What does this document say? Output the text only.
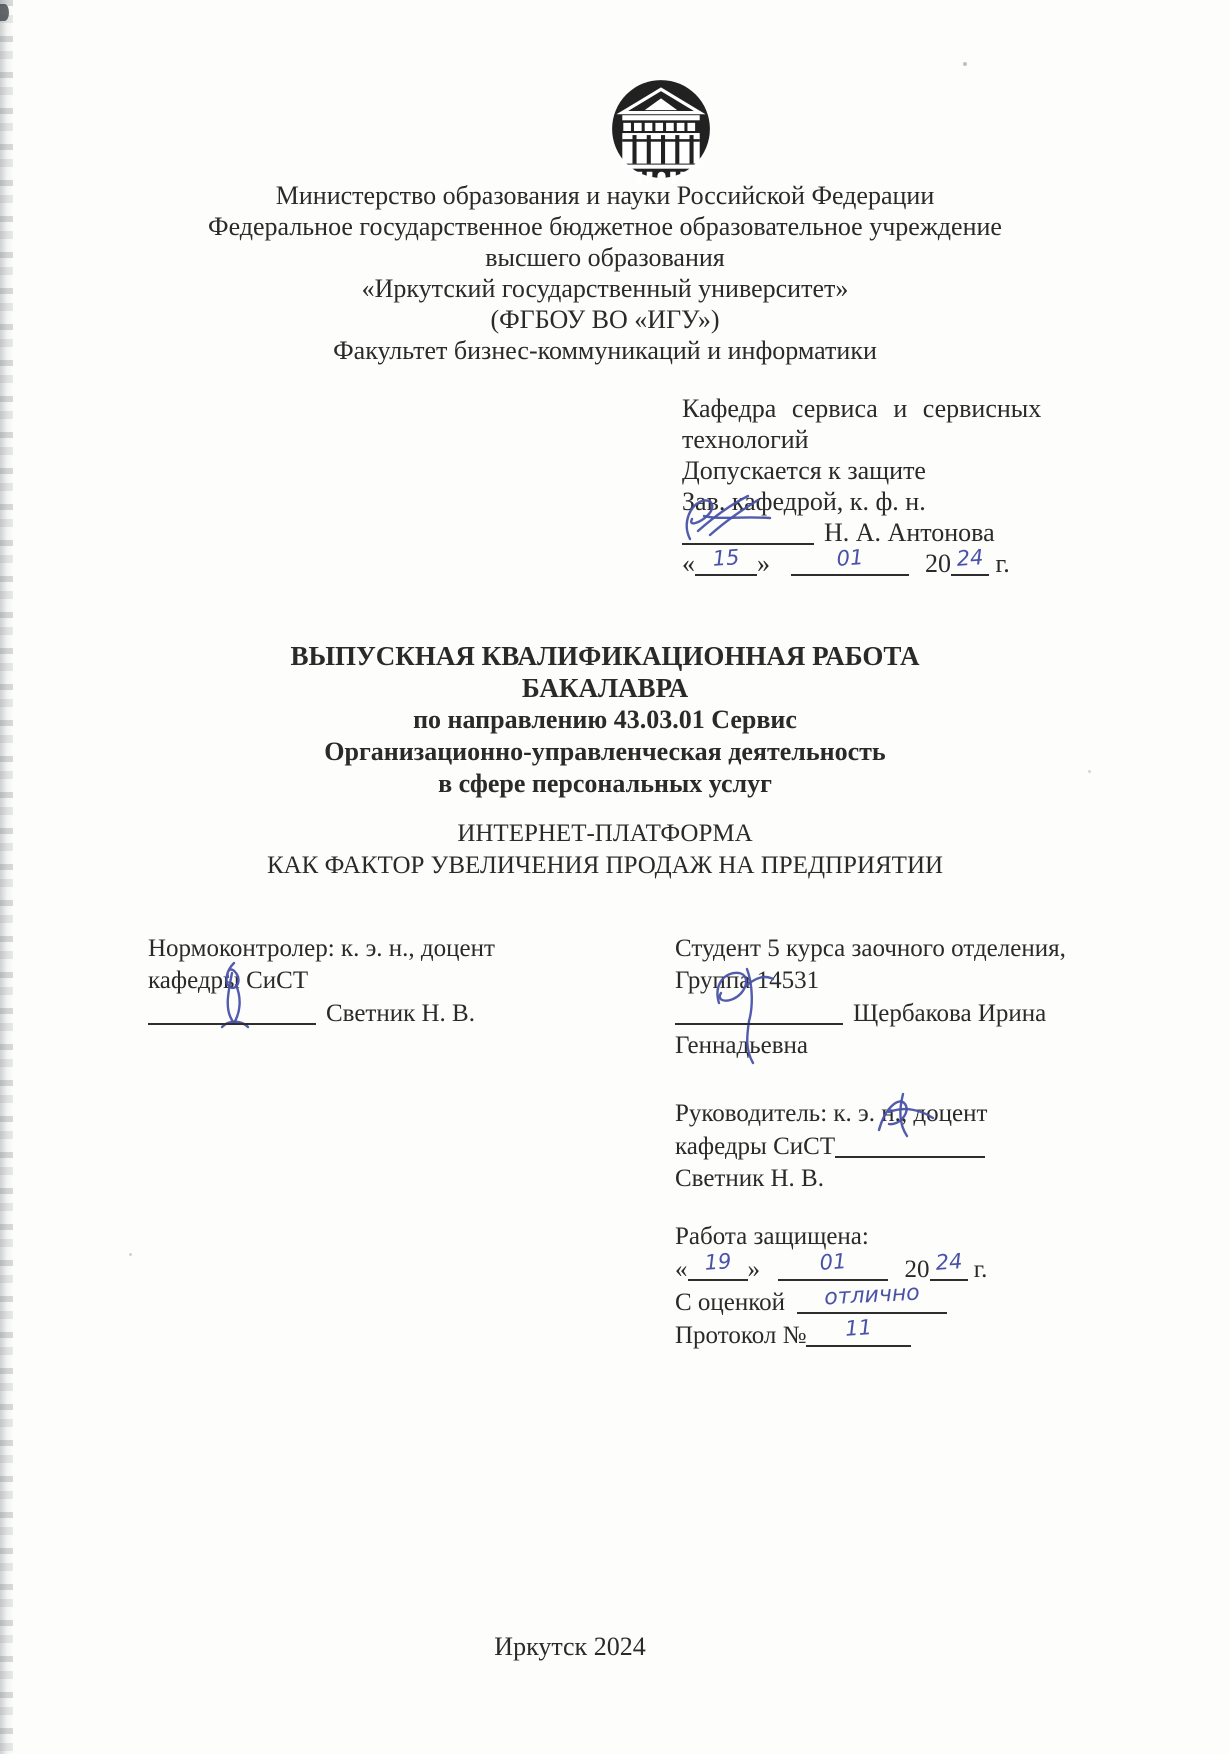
Министерство образования и науки Российской Федерации
Федеральное государственное бюджетное образовательное учреждение
высшего образования
«Иркутский государственный университет»
(ФГБОУ ВО «ИГУ»)
Факультет бизнес-коммуникаций и информатики
Кафедра сервиса и сервисных
технологий
Допускается к защите
Зав. кафедрой, к. ф. н.
Н. А. Антонова
« 15 »	01	20 24 г.
ВЫПУСКНАЯ КВАЛИФИКАЦИОННАЯ РАБОТА
БАКАЛАВРА
по направлению 43.03.01 Сервис
Организационно-управленческая деятельность
в сфере персональных услуг
ИНТЕРНЕТ-ПЛАТФОРМА
КАК ФАКТОР УВЕЛИЧЕНИЯ ПРОДАЖ НА ПРЕДПРИЯТИИ
Нормоконтролер: к. э. н., доцент
кафедры СиСТ
Светник Н. В.
Студент 5 курса заочного отделения,
Группа 14531
Щербакова Ирина
Геннадьевна
Руководитель: к. э. н., доцент
кафедры СиСТ
Светник Н. В.
Работа защищена:
« 19 »	01	20 24 г.
С оценкой	отлично
Протокол №	11
Иркутск 2024
